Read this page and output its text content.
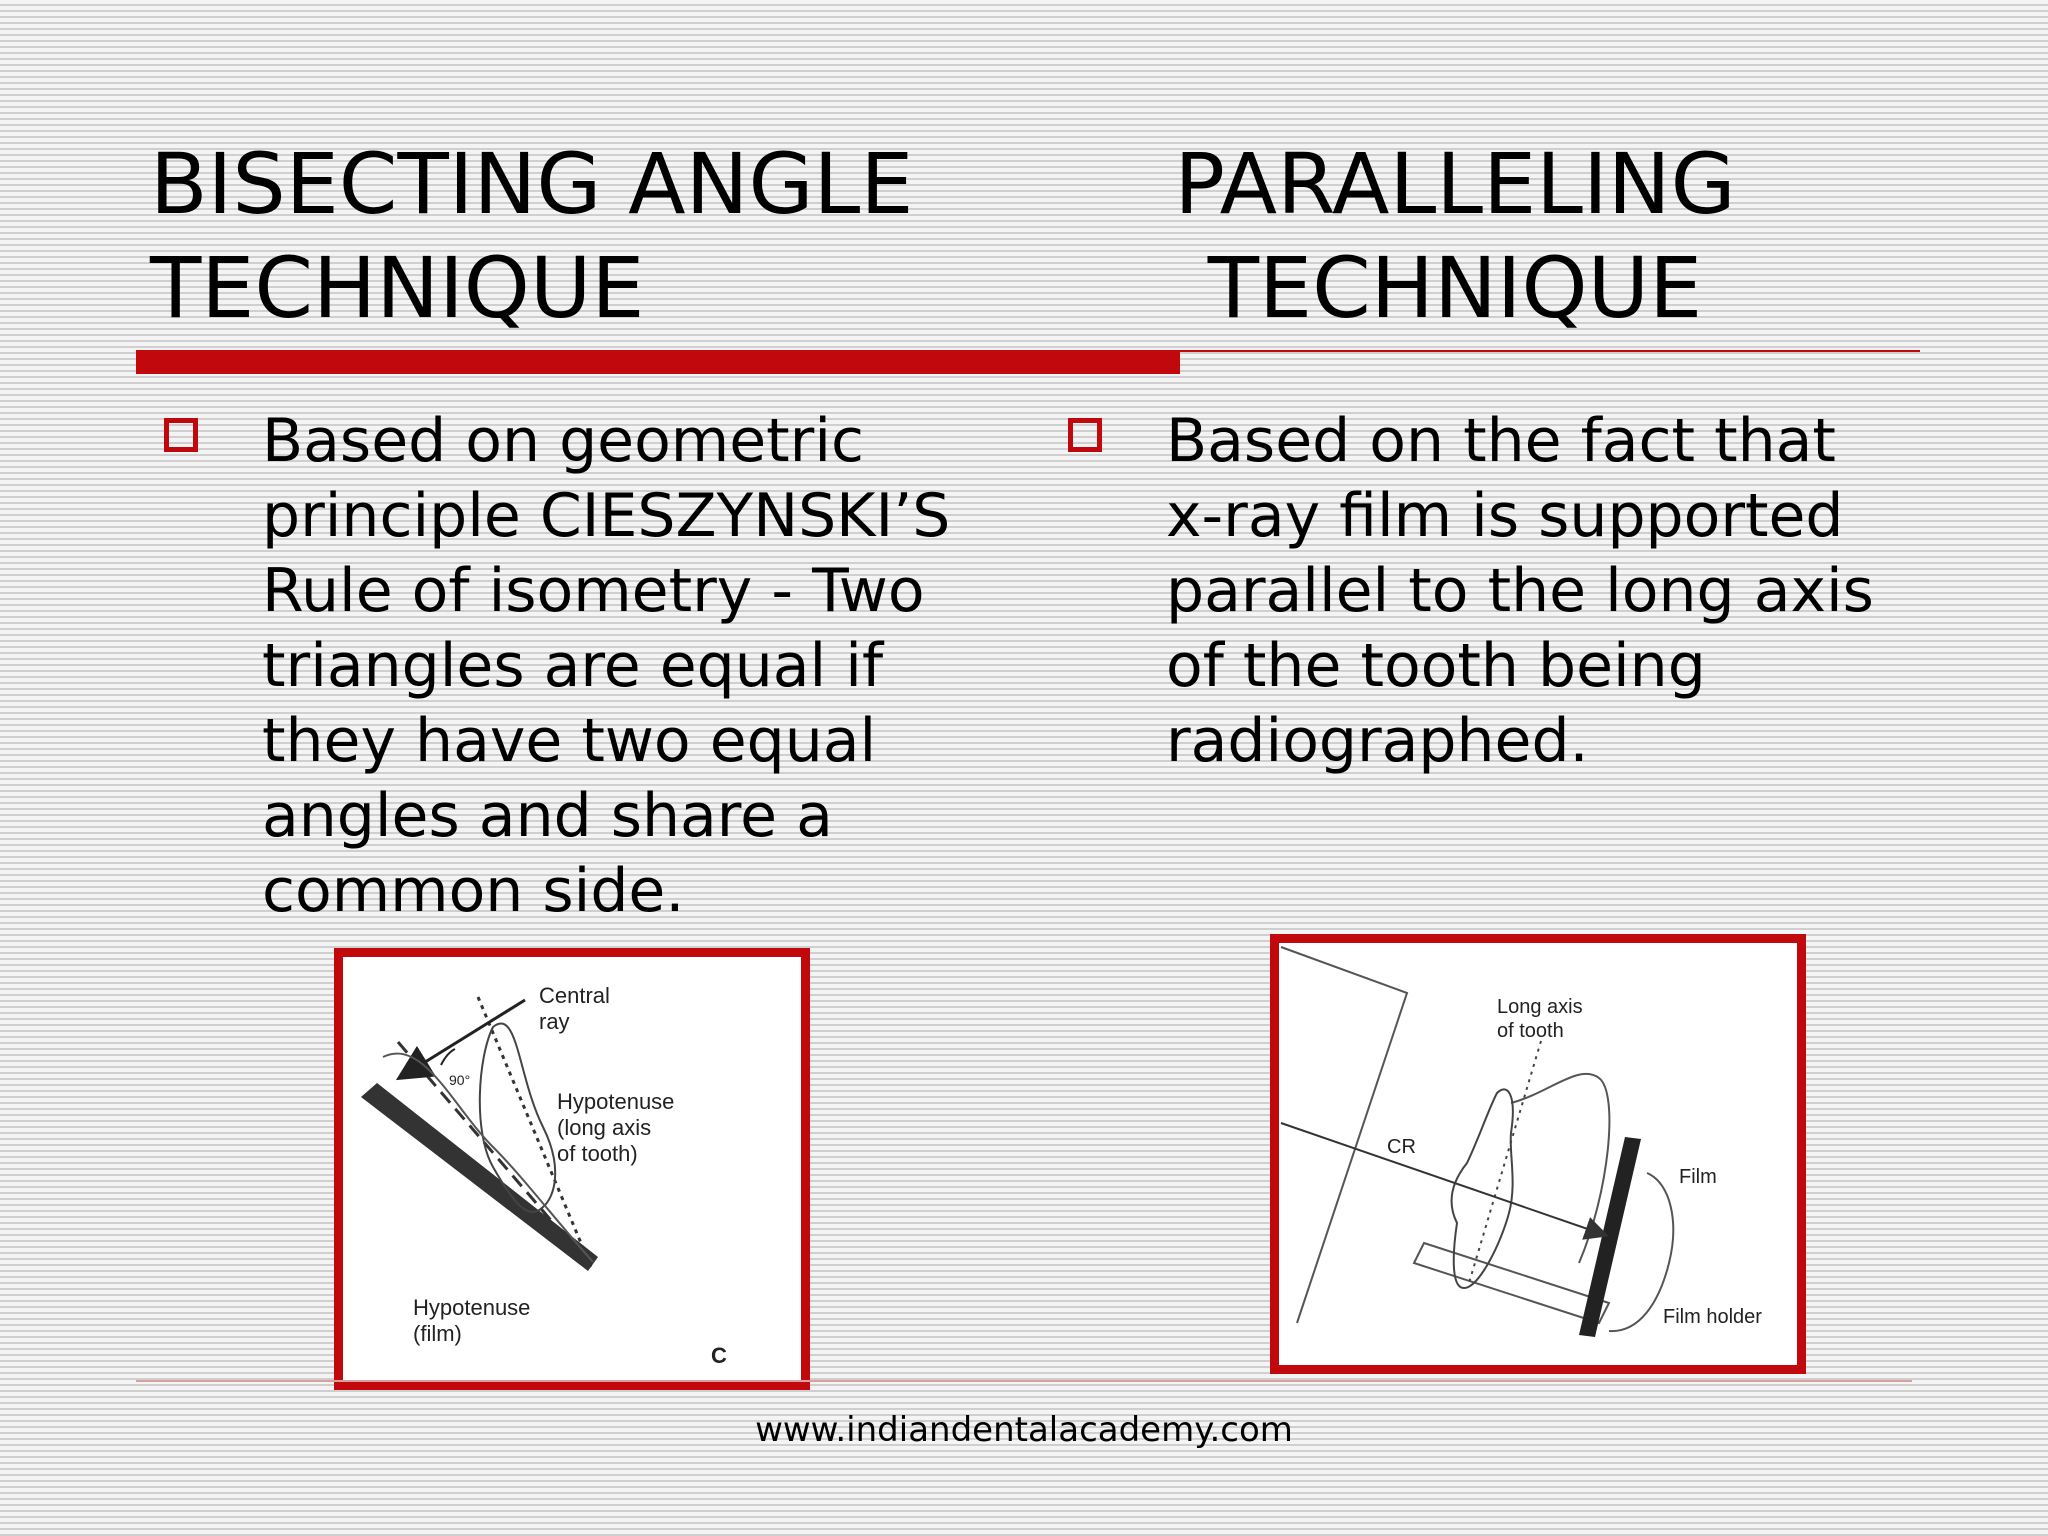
BISECTING ANGLE
TECHNIQUE
PARALLELING
TECHNIQUE

Based on geometric
principle CIESZYNSKI’S
Rule of isometry - Two
triangles are equal if
they have two equal
angles and share a
common side.

Based on the fact that
x-ray film is supported
parallel to the long axis
of the tooth being
radiographed.

Central
ray
90°
Hypotenuse
(long axis
of tooth)
Hypotenuse
(film)
C
Long axis
of tooth
CR
Film
Film holder
www.indiandentalacademy.com
